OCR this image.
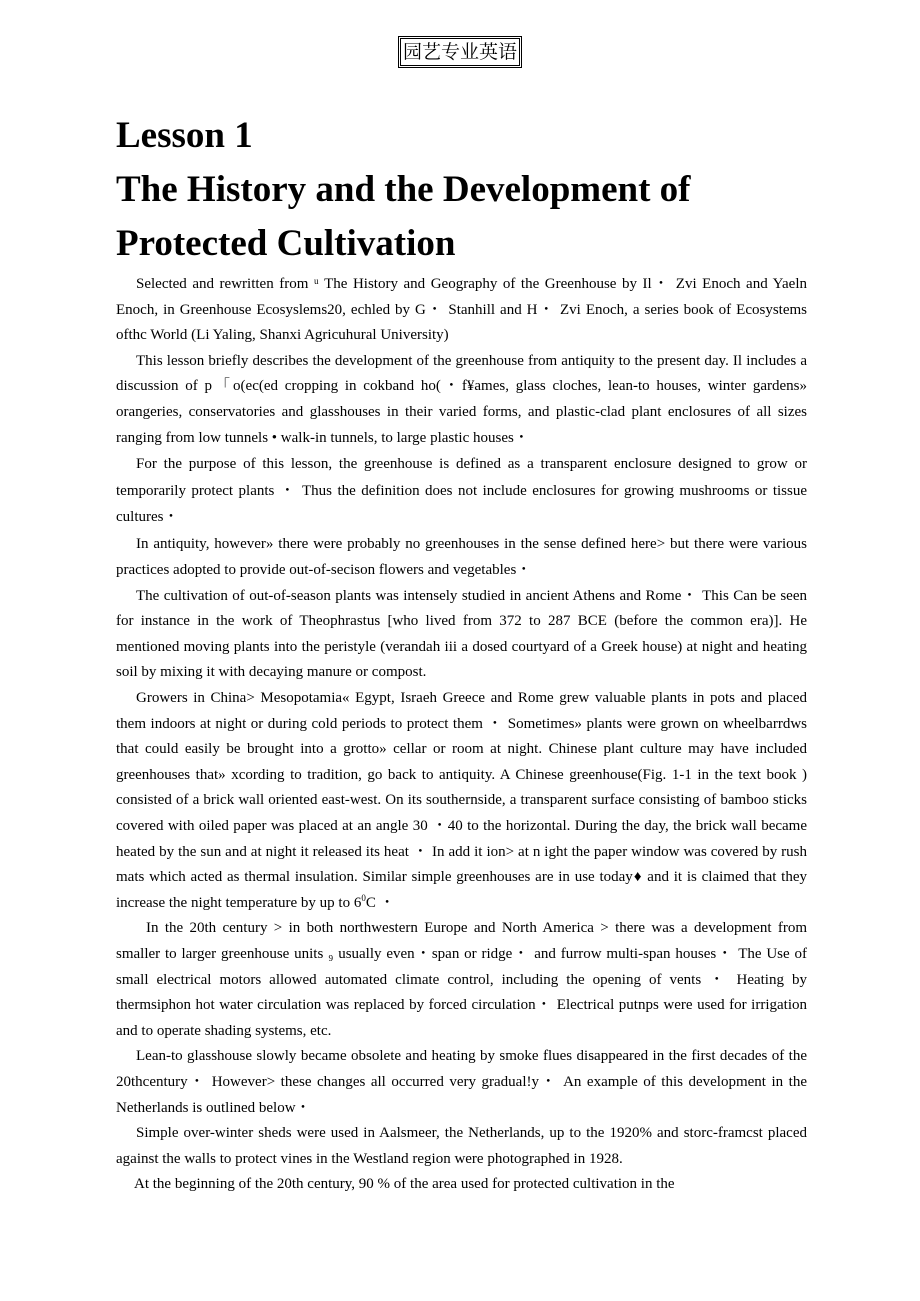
园艺专业英语
Lesson 1
The History and the Development of
Protected Cultivation

Selected and rewritten from ᵘ The History and Geography of the Greenhouse by Il・ Zvi Enoch and Yaeln Enoch, in Greenhouse Ecosyslems20, echled by G・ Stanhill and H・ Zvi Enoch, a series book of Ecosystems ofthc World (Li Yaling, Shanxi Agricuhural University)

This lesson briefly describes the development of the greenhouse from antiquity to the present day. Il includes a discussion of p「o(ec(ed cropping in cokband ho(・f¥ames, glass cloches, lean-to houses, winter gardens» orangeries, conservatories and glasshouses in their varied forms, and plastic-clad plant enclosures of all sizes ranging from low tunnels • walk-in tunnels, to large plastic houses・

For the purpose of this lesson, the greenhouse is defined as a transparent enclosure designed to grow or temporarily protect plants ・ Thus the definition does not include enclosures for growing mushrooms or tissue cultures・

In antiquity, however» there were probably no greenhouses in the sense defined here> but there were various practices adopted to provide out-of-secison flowers and vegetables・

The cultivation of out-of-season plants was intensely studied in ancient Athens and Rome・ This Can be seen for instance in the work of Theophrastus [who lived from 372 to 287 BCE (before the common era)]. He mentioned moving plants into the peristyle (verandah iii a dosed courtyard of a Greek house) at night and heating soil by mixing it with decaying manure or compost.

Growers in China> Mesopotamia« Egypt, Israeh Greece and Rome grew valuable plants in pots and placed them indoors at night or during cold periods to protect them ・ Sometimes» plants were grown on wheelbarrdws that could easily be brought into a grotto» cellar or room at night. Chinese plant culture may have included greenhouses that» xcording to tradition, go back to antiquity. A Chinese greenhouse(Fig. 1-1 in the text book ) consisted of a brick wall oriented east-west. On its southernside, a transparent surface consisting of bamboo sticks covered with oiled paper was placed at an angle 30 ・40 to the horizontal. During the day, the brick wall became heated by the sun and at night it released its heat ・ In add it ion> at n ight the paper window was covered by rush mats which acted as thermal insulation. Similar simple greenhouses are in use today♦ and it is claimed that they increase the night temperature by up to $6^0C$ ・

In the 20th century > in both northwestern Europe and North America > there was a development from smaller to larger greenhouse units ₉ usually even・span or ridge・ and furrow multi-span houses・ The Use of small electrical motors allowed automated climate control, including the opening of vents ・ Heating by thermsiphon hot water circulation was replaced by forced circulation・ Electrical putnps were used for irrigation and to operate shading systems, etc.

Lean-to glasshouse slowly became obsolete and heating by smoke flues disappeared in the first decades of the 20thcentury・ However> these changes all occurred very gradual!y・ An example of this development in the Netherlands is outlined below・

Simple over-winter sheds were used in Aalsmeer, the Netherlands, up to the 1920% and storc-framcst placed against the walls to protect vines in the Westland region were photographed in 1928.

At the beginning of the 20th century, 90 % of the area used for protected cultivation in the
